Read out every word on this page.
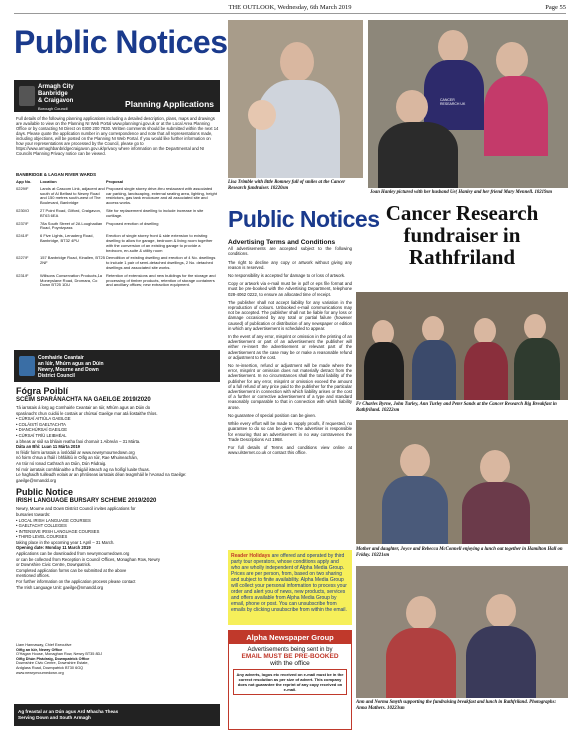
THE OUTLOOK, Wednesday, 6th March 2019	Page 55
Public Notices
Armagh City
Banbridge
& Craigavon
Borough Council	Planning Applications
Full details of the following planning applications including a detailed description, plans, maps and drawings are available to view on the Planning NI Web Portal www.planningni.gov.uk or at the Local Area Planning Office or by contacting NI Direct on 0300 200 7830. Written comments should be submitted within the next 14 days. Please quote the application number in any correspondence and note that all representations made, including objections, will be posted on the Planning NI Web Portal. If you would like further information on how your representations are processed by the Council, please go to https://www.armaghbanbridgecraigavon.gov.uk/privacy where information on the Departmental and NI Councils Planning Privacy notice can be viewed.
BANBRIDGE & LAGAN RIVER WARDS
App No.	Location	Proposal
0229/F	Lands at Cascom Link, adjacent and south of Al Belfast to Newry Road and 150 metres south-west of The Boulevard, Banbridge	Proposed single storey drive-thru restaurant with associated car parking, landscaping, external seating area, lighting, height restrictors, gas tank enclosure and all associated site and access works.
0230/O	27 Point Road, Gilford, Craigavon, BT63 6EA	Site for replacement dwelling to include increase in site curtilage.
0237/F	78a South Street of 2A Loughadian Road, Poyntzpass	Proposed erection of dwelling
0241/F	6 Five Lights, Lenaderg Road, Banbridge, BT32 4PU	Erection of single storey front & side extension to existing dwelling to allow for garage, bedroom & living room together with the conversion of an existing garage to provide a bedroom, en-suite & utility room
0227/F	157 Banbridge Road, Kinallen, BT25 2NF	Demolition of existing dwelling and erection of 4 No. dwellings to include 1 pair of semi-detached dwellings, 2 No. detached dwellings and associated site works.
0231/F	Willsons Conservation Products,1a Moneyslane Road, Dromara, Co Down BT25 1DU	Retention of extensions and new buildings for the storage and processing of timber products, retention of storage containers and ancillary offices; new extraction equipment.
Comhairle Ceantair
an Iúir, Mhúrn agus an Dúin
Newry, Mourne and Down
District Council
Fógra Poiblí
SCÉIM SPARÁNACHTA NA GAEILGE 2019/2020
Tá iarratais á lorg ag Comhairle Ceantair an Iúir, Mhúrn agus an Dúin do
sparánacht chun cuidiú le costais ar chúrsaí Gaeilge mar atá liostaithe thíos.
• CÚRSAÍ AITIÚLA GAEILGE
• COLÁISTÍ GAELTACHTA
• DIANCHÚRSAÍ GAEILGE
• CÚRSAÍ TRÍÚ LEIBHÉAL
a bheas ar siúl sa bhliain reatha faoi chomair 1 Aibreán – 31 Márta.
Dáta an Bhí: Luan 11 Márta 2019
Is féidir foirm iarratais a íoslódáil ar www.newrymournedown.org
nó foirm chrua a fháil i bhfáiltiú in Oifig an Iúir, Rae Mhuineacháin,
An tIúr nó Ionad Cathrach an Dúin, Dún Pádraig.
Ní mór iarratais comhlánaithe a fhágáil isteach ag na hoifigí luaite thuas.
Le haghaidh tuilleadh eolais ar an phróiseas iarratais déan teagmháil le hAonad na Gaeilge: gaeilge@nmandd.org
Public Notice
IRISH LANGUAGE BURSARY SCHEME 2019/2020
Newry, Mourne and Down District Council invites applications for
bursaries towards:
• LOCAL IRISH LANGUAGE COURSES
• GAELTACHT COLLEGES
• INTENSIVE IRISH LANGUAGE COURSES
• THIRD LEVEL COURSES
taking place in the upcoming year 1 April – 31 March.
Opening date: Monday 11 March 2019
Applications can be downloaded from newrymournedown.org
or can be collected from Reception in Council Offices, Monaghan Row, Newry
or Downshire Civic Centre, Downpatrick.
Completed application forms can be submitted at the above
mentioned offices.
For further information on the application process please contact
The Irish Language Unit: gaeilge@nmandd.org
Liam Hannaway, Chief Executive
Oifig an Iúir, Newry Office
O'Hagan House, Monaghan Row, Newry BT35 8DJ
Oifig Dhún Phádraig, Downpatrick Office
Downshire Civic Centre, Downshire Estate,
Ardglass Road, Downpatrick BT30 6GQ
www.newrymournedown.org
Ag freastal ar an Dún agus Ard Mhacha Theas
Serving Down and South Armagh
Lisa Trimble with little Romney full of smiles at the Cancer Research fundraiser. 10220sm
CANCER RESEARCH UK
Joan Hanley pictured with her husband Ue( Hanley and her friend Mary Mennell. 10219sm
Public Notices
Advertising Terms and Conditions

All advertisements are accepted subject to the following conditions.

The right to decline any copy or artwork without giving any reason is reserved.

No responsibility is accepted for damage to or loss of artwork.

Copy or artwork via e-mail must be in pdf or eps file format and must be pre-booked with the Advertising Department, telephone 028-4062 0222, to ensure an allocated time of receipt.

The publisher shall not accept liability for any variation in the reproduction of colours. Unbooked e-mail communications may not be accepted. The publisher shall not be liable for any loss or damage occasioned by any total or partial failure (however caused) of publication or distribution of any newspaper or edition in which any advertisement is scheduled to appear.

In the event of any error, misprint or omission in the printing of an advertisement or part of an advertisement the publisher will either re-insert the advertisement or relevant part of the advertisement as the case may be or make a reasonable refund or adjustment to the cost.

No re-insertion, refund or adjustment will be made where the error, misprint or omission does not materially detract from the advertisement. In no circumstances shall the total liability of the publisher for any error, misprint or omission exceed the amount of a full refund of any price paid to the publisher for the particular advertisement in connection with which liability arises or the cost of a further or corrective advertisement of a type and standard reasonably comparable to that in connection with which liability arose.

No guarantee of special position can be given.

While every effort will be made to supply proofs, if requested, no guarantee to do so can be given. The advertiser is responsible for ensuring that an advertisement in no way contravenes the Trade Descriptions Act 1968.

For full details of Terms and conditions view online at www.ulsternet.co.uk or contact this office.

Reader Holidays are offered and operated by third party tour operators, whose conditions apply and who are wholly independent of Alpha Media Group. Prices are per person, from, based on two sharing and subject to finite availability. Alpha Media Group will collect your personal information to process your order and alert you of news, new products, services and offers available from Alpha Media Group by email, phone or post. You can unsubscribe from emails by clicking unsubscribe from within the email.
Alpha Newspaper Group
Advertisements being sent in by
EMAIL MUST BE PRE-BOOKED
with the office
Any adverts, logos etc received on e-mail must be in the correct resolution as per size of advert. This company does not guarantee the reprint of any copy received on e-mail.
Cancer Research fundraiser in Rathfriland
Fr Charles Byrne, John Turley, Ann Turley and Peter Sands at the Cancer Research Big Breakfast in Rathfriland. 10222sm
Mother and daughter, Joyce and Rebecca McConnell enjoying a lunch out together in Hamilton Hall on Friday. 10221sm
Ann and Norma Smyth supporting the fundraising breakfast and lunch in Rathfriland. Photographs: Anna Mathers. 10223sm
